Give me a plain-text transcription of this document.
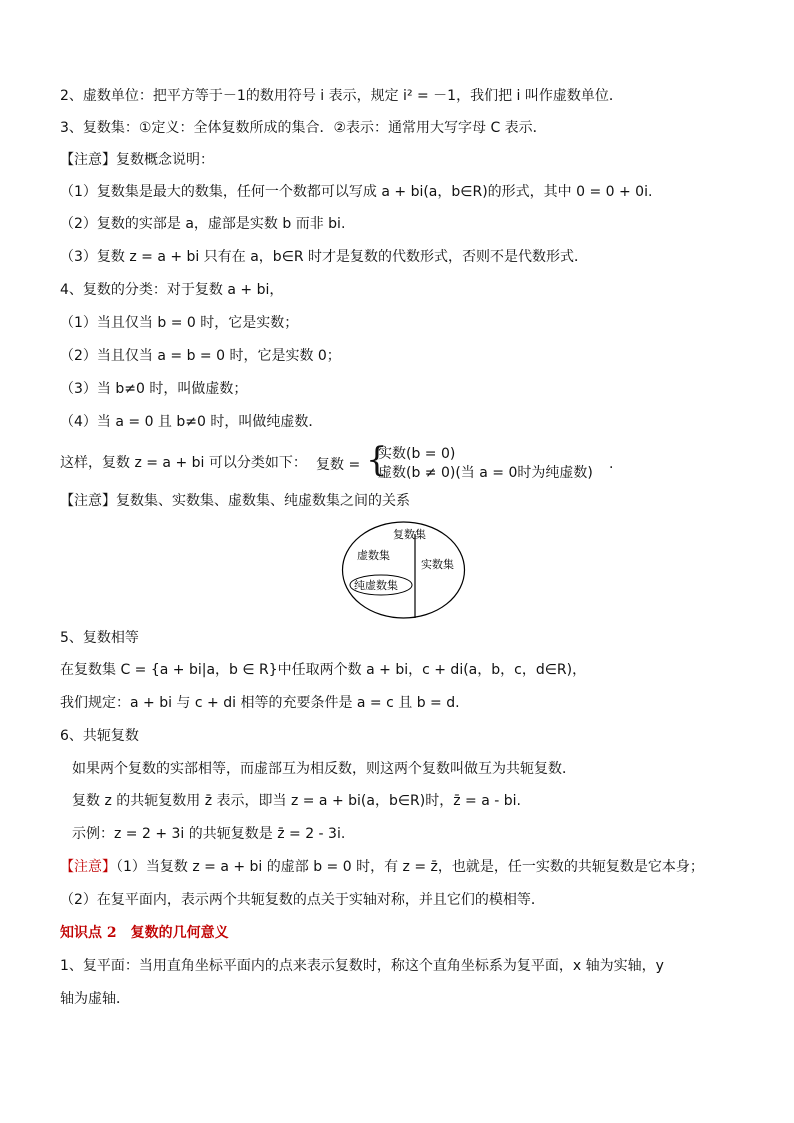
2、虚数单位：把平方等于－1的数用符号 i 表示，规定 i² = －1，我们把 i 叫作虚数单位．
3、复数集：①定义：全体复数所成的集合．②表示：通常用大写字母 C 表示．
【注意】复数概念说明：
（1）复数集是最大的数集，任何一个数都可以写成 a + bi(a，b∈R)的形式，其中 0 = 0 + 0i.
（2）复数的实部是 a，虚部是实数 b 而非 bi.
（3）复数 z = a + bi 只有在 a，b∈R 时才是复数的代数形式，否则不是代数形式．
4、复数的分类：对于复数 a + bi，
（1）当且仅当 b = 0 时，它是实数；
（2）当且仅当 a = b = 0 时，它是实数 0；
（3）当 b≠0 时，叫做虚数；
（4）当 a = 0 且 b≠0 时，叫做纯虚数．
这样，复数 z = a + bi 可以分类如下： 复数 = {
实数(b = 0)
虚数(b ≠ 0)(当 a = 0时为纯虚数)
.
【注意】复数集、实数集、虚数集、纯虚数集之间的关系
复数集
虚数集
实数集
纯虚数集
5、复数相等
在复数集 C = {a + bi|a，b ∈ R}中任取两个数 a + bi，c + di(a，b，c，d∈R)，
我们规定：a + bi 与 c + di 相等的充要条件是 a = c 且 b = d.
6、共轭复数
如果两个复数的实部相等，而虚部互为相反数，则这两个复数叫做互为共轭复数．
复数 z 的共轭复数用 z̄ 表示，即当 z = a + bi(a，b∈R)时，z̄ = a - bi.
示例：z = 2 + 3i 的共轭复数是 z̄ = 2 - 3i.
【注意】（1）当复数 z = a + bi 的虚部 b = 0 时，有 z = z̄，也就是，任一实数的共轭复数是它本身；
（2）在复平面内，表示两个共轭复数的点关于实轴对称，并且它们的模相等．
知识点 2　复数的几何意义
1、复平面：当用直角坐标平面内的点来表示复数时，称这个直角坐标系为复平面，x 轴为实轴，y
轴为虚轴．
